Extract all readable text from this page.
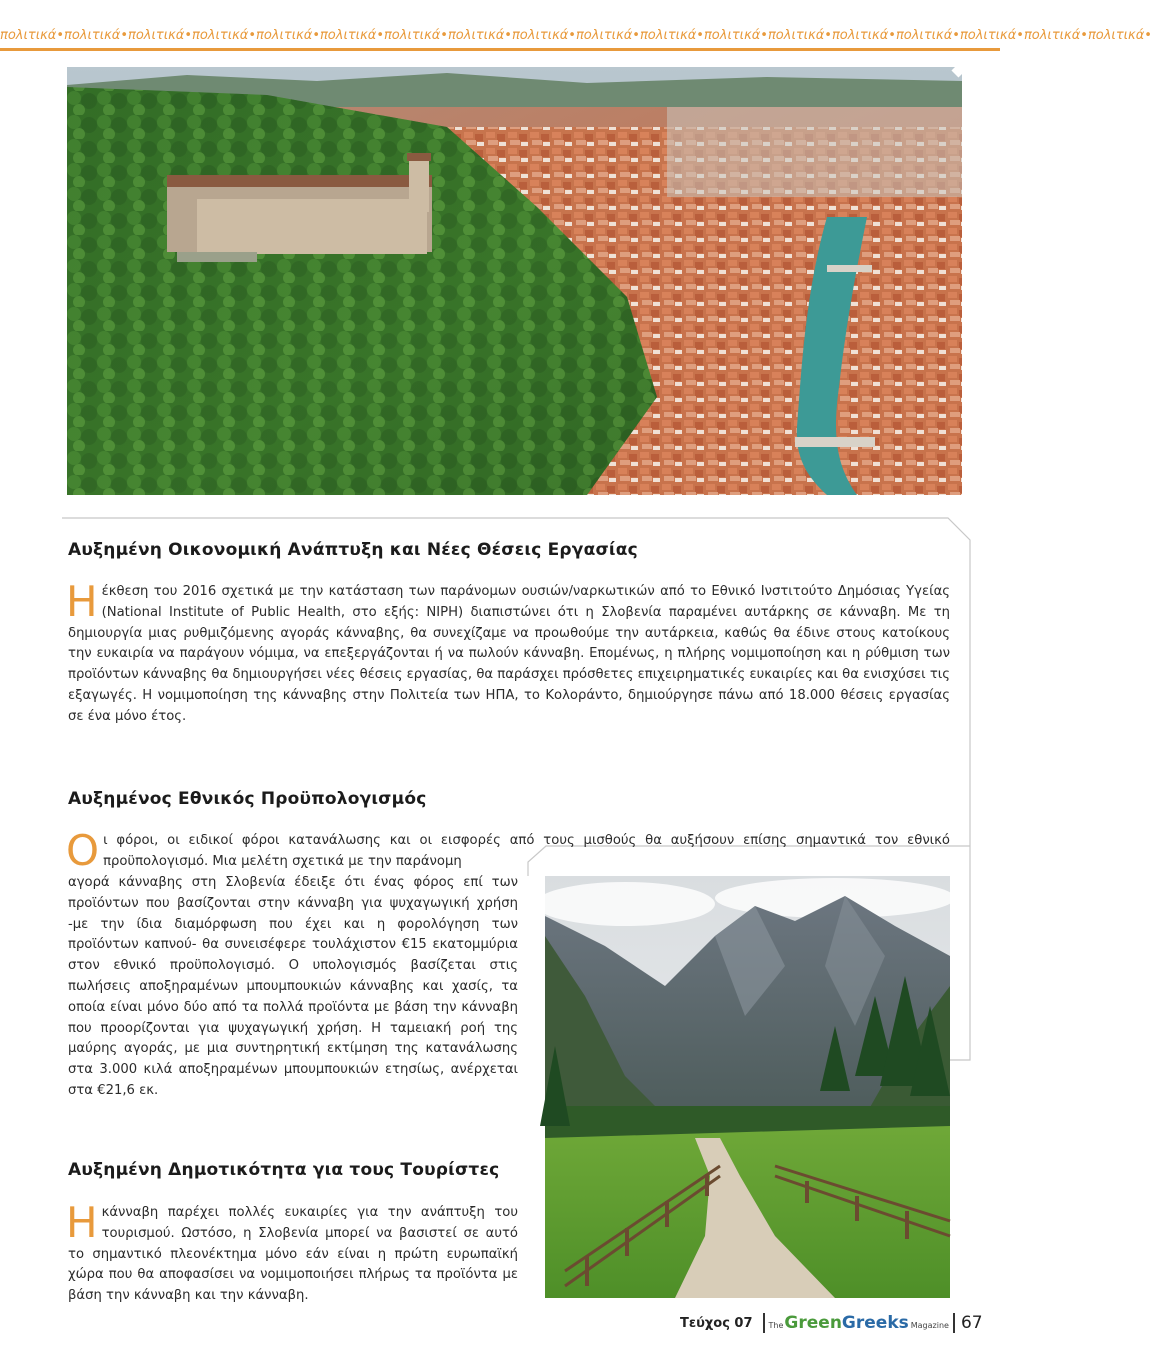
πολιτικά•πολιτικά•πολιτικά•πολιτικά•πολιτικά•πολιτικά•πολιτικά•πολιτικά•πολιτικά•πολιτικά•πολιτικά•πολιτικά•πολιτικά•πολιτικά•πολιτικά•πολιτικά•πολιτικά•πολιτικά•
Αυξημένη Οικονομική Ανάπτυξη και Νέες Θέσεις Εργασίας

Ηέκθεση του 2016 σχετικά με την κατάσταση των παράνομων ουσιών/ναρκωτικών από το Εθνικό Ινστιτούτο Δημόσιας Υγείας (National Institute of Public Health, στο εξής: NIPH) διαπιστώνει ότι η Σλοβενία παραμένει αυτάρκης σε κάνναβη. Με τη δημιουργία μιας ρυθμιζόμενης αγοράς κάνναβης, θα συνεχίζαμε να προωθούμε την αυτάρκεια, καθώς θα έδινε στους κατοίκους την ευκαιρία να παράγουν νόμιμα, να επεξεργάζονται ή να πωλούν κάνναβη. Επομένως, η πλήρης νομιμοποίηση και η ρύθμιση των προϊόντων κάνναβης θα δημιουργήσει νέες θέσεις εργασίας, θα παράσχει πρόσθετες επιχειρηματικές ευκαιρίες και θα ενισχύσει τις εξαγωγές. Η νομιμοποίηση της κάνναβης στην Πολιτεία των ΗΠΑ, το Κολοράντο, δημιούργησε πάνω από 18.000 θέσεις εργασίας σε ένα μόνο έτος.

Αυξημένος Εθνικός Προϋπολογισμός

Οι φόροι, οι ειδικοί φόροι κατανάλωσης και οι εισφορές από τους μισθούς θα αυξήσουν επίσης σημαντικά τον εθνικό προϋπολογισμό. Μια μελέτη σχετικά με την παράνομη

αγορά κάνναβης στη Σλοβενία έδειξε ότι ένας φόρος επί των προϊόντων που βασίζονται στην κάνναβη για ψυχαγωγική χρήση -με την ίδια διαμόρφωση που έχει και η φορολόγηση των προϊόντων καπνού- θα συνεισέφερε τουλάχιστον €15 εκατομμύρια στον εθνικό προϋπολογισμό. Ο υπολογισμός βασίζεται στις πωλήσεις αποξηραμένων μπουμπουκιών κάνναβης και χασίς, τα οποία είναι μόνο δύο από τα πολλά προϊόντα με βάση την κάνναβη που προορίζονται για ψυχαγωγική χρήση. Η ταμειακή ροή της μαύρης αγοράς, με μια συντηρητική εκτίμηση της κατανάλωσης στα 3.000 κιλά αποξηραμένων μπουμπουκιών ετησίως, ανέρχεται στα €21,6 εκ.

Αυξημένη Δημοτικότητα για τους Τουρίστες

Ηκάνναβη παρέχει πολλές ευκαιρίες για την ανάπτυξη του τουρισμού. Ωστόσο, η Σλοβενία μπορεί να βασιστεί σε αυτό το σημαντικό πλεονέκτημα μόνο εάν είναι η πρώτη ευρωπαϊκή χώρα που θα αποφασίσει να νομιμοποιήσει πλήρως τα προϊόντα με βάση την κάνναβη και την κάνναβη.

Τεύχος 07 The Green Greeks Magazine 67
